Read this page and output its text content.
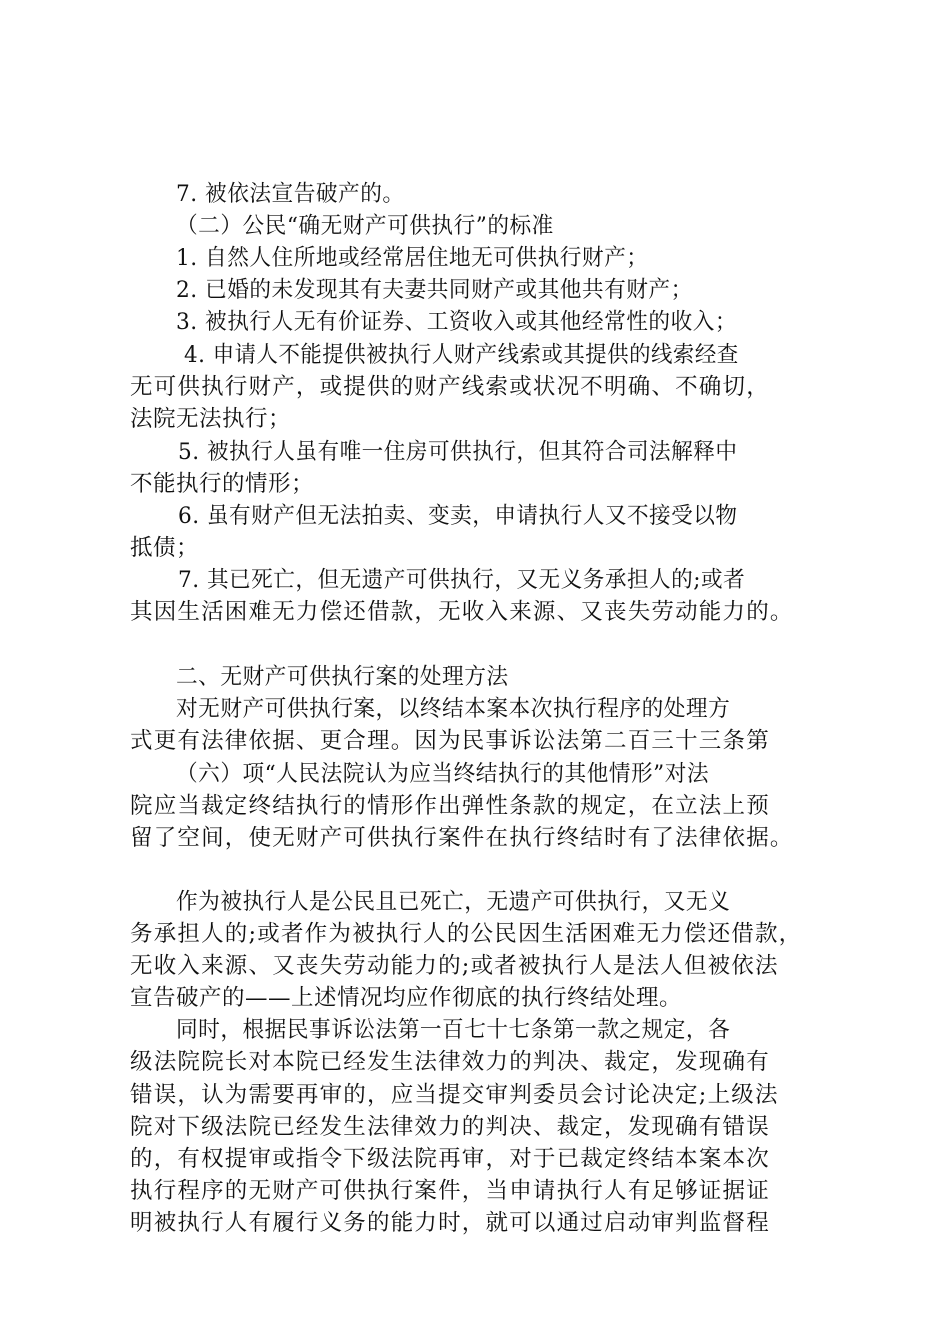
7. 被依法宣告破产的。
（二）公民“确无财产可供执行”的标准
1. 自然人住所地或经常居住地无可供执行财产；
2. 已婚的未发现其有夫妻共同财产或其他共有财产；
3. 被执行人无有价证券、工资收入或其他经常性的收入；
4. 申请人不能提供被执行人财产线索或其提供的线索经查
无可供执行财产，或提供的财产线索或状况不明确、不确切，
法院无法执行；
5. 被执行人虽有唯一住房可供执行，但其符合司法解释中
不能执行的情形；
6. 虽有财产但无法拍卖、变卖，申请执行人又不接受以物
抵债；
7. 其已死亡，但无遗产可供执行，又无义务承担人的;或者
其因生活困难无力偿还借款，无收入来源、又丧失劳动能力的。
二、无财产可供执行案的处理方法
对无财产可供执行案，以终结本案本次执行程序的处理方
式更有法律依据、更合理。因为民事诉讼法第二百三十三条第
（六）项“人民法院认为应当终结执行的其他情形”对法
院应当裁定终结执行的情形作出弹性条款的规定，在立法上预
留了空间，使无财产可供执行案件在执行终结时有了法律依据。
作为被执行人是公民且已死亡，无遗产可供执行，又无义
务承担人的;或者作为被执行人的公民因生活困难无力偿还借款，
无收入来源、又丧失劳动能力的;或者被执行人是法人但被依法
宣告破产的——上述情况均应作彻底的执行终结处理。
同时，根据民事诉讼法第一百七十七条第一款之规定，各
级法院院长对本院已经发生法律效力的判决、裁定，发现确有
错误，认为需要再审的，应当提交审判委员会讨论决定;上级法
院对下级法院已经发生法律效力的判决、裁定，发现确有错误
的，有权提审或指令下级法院再审，对于已裁定终结本案本次
执行程序的无财产可供执行案件，当申请执行人有足够证据证
明被执行人有履行义务的能力时，就可以通过启动审判监督程
